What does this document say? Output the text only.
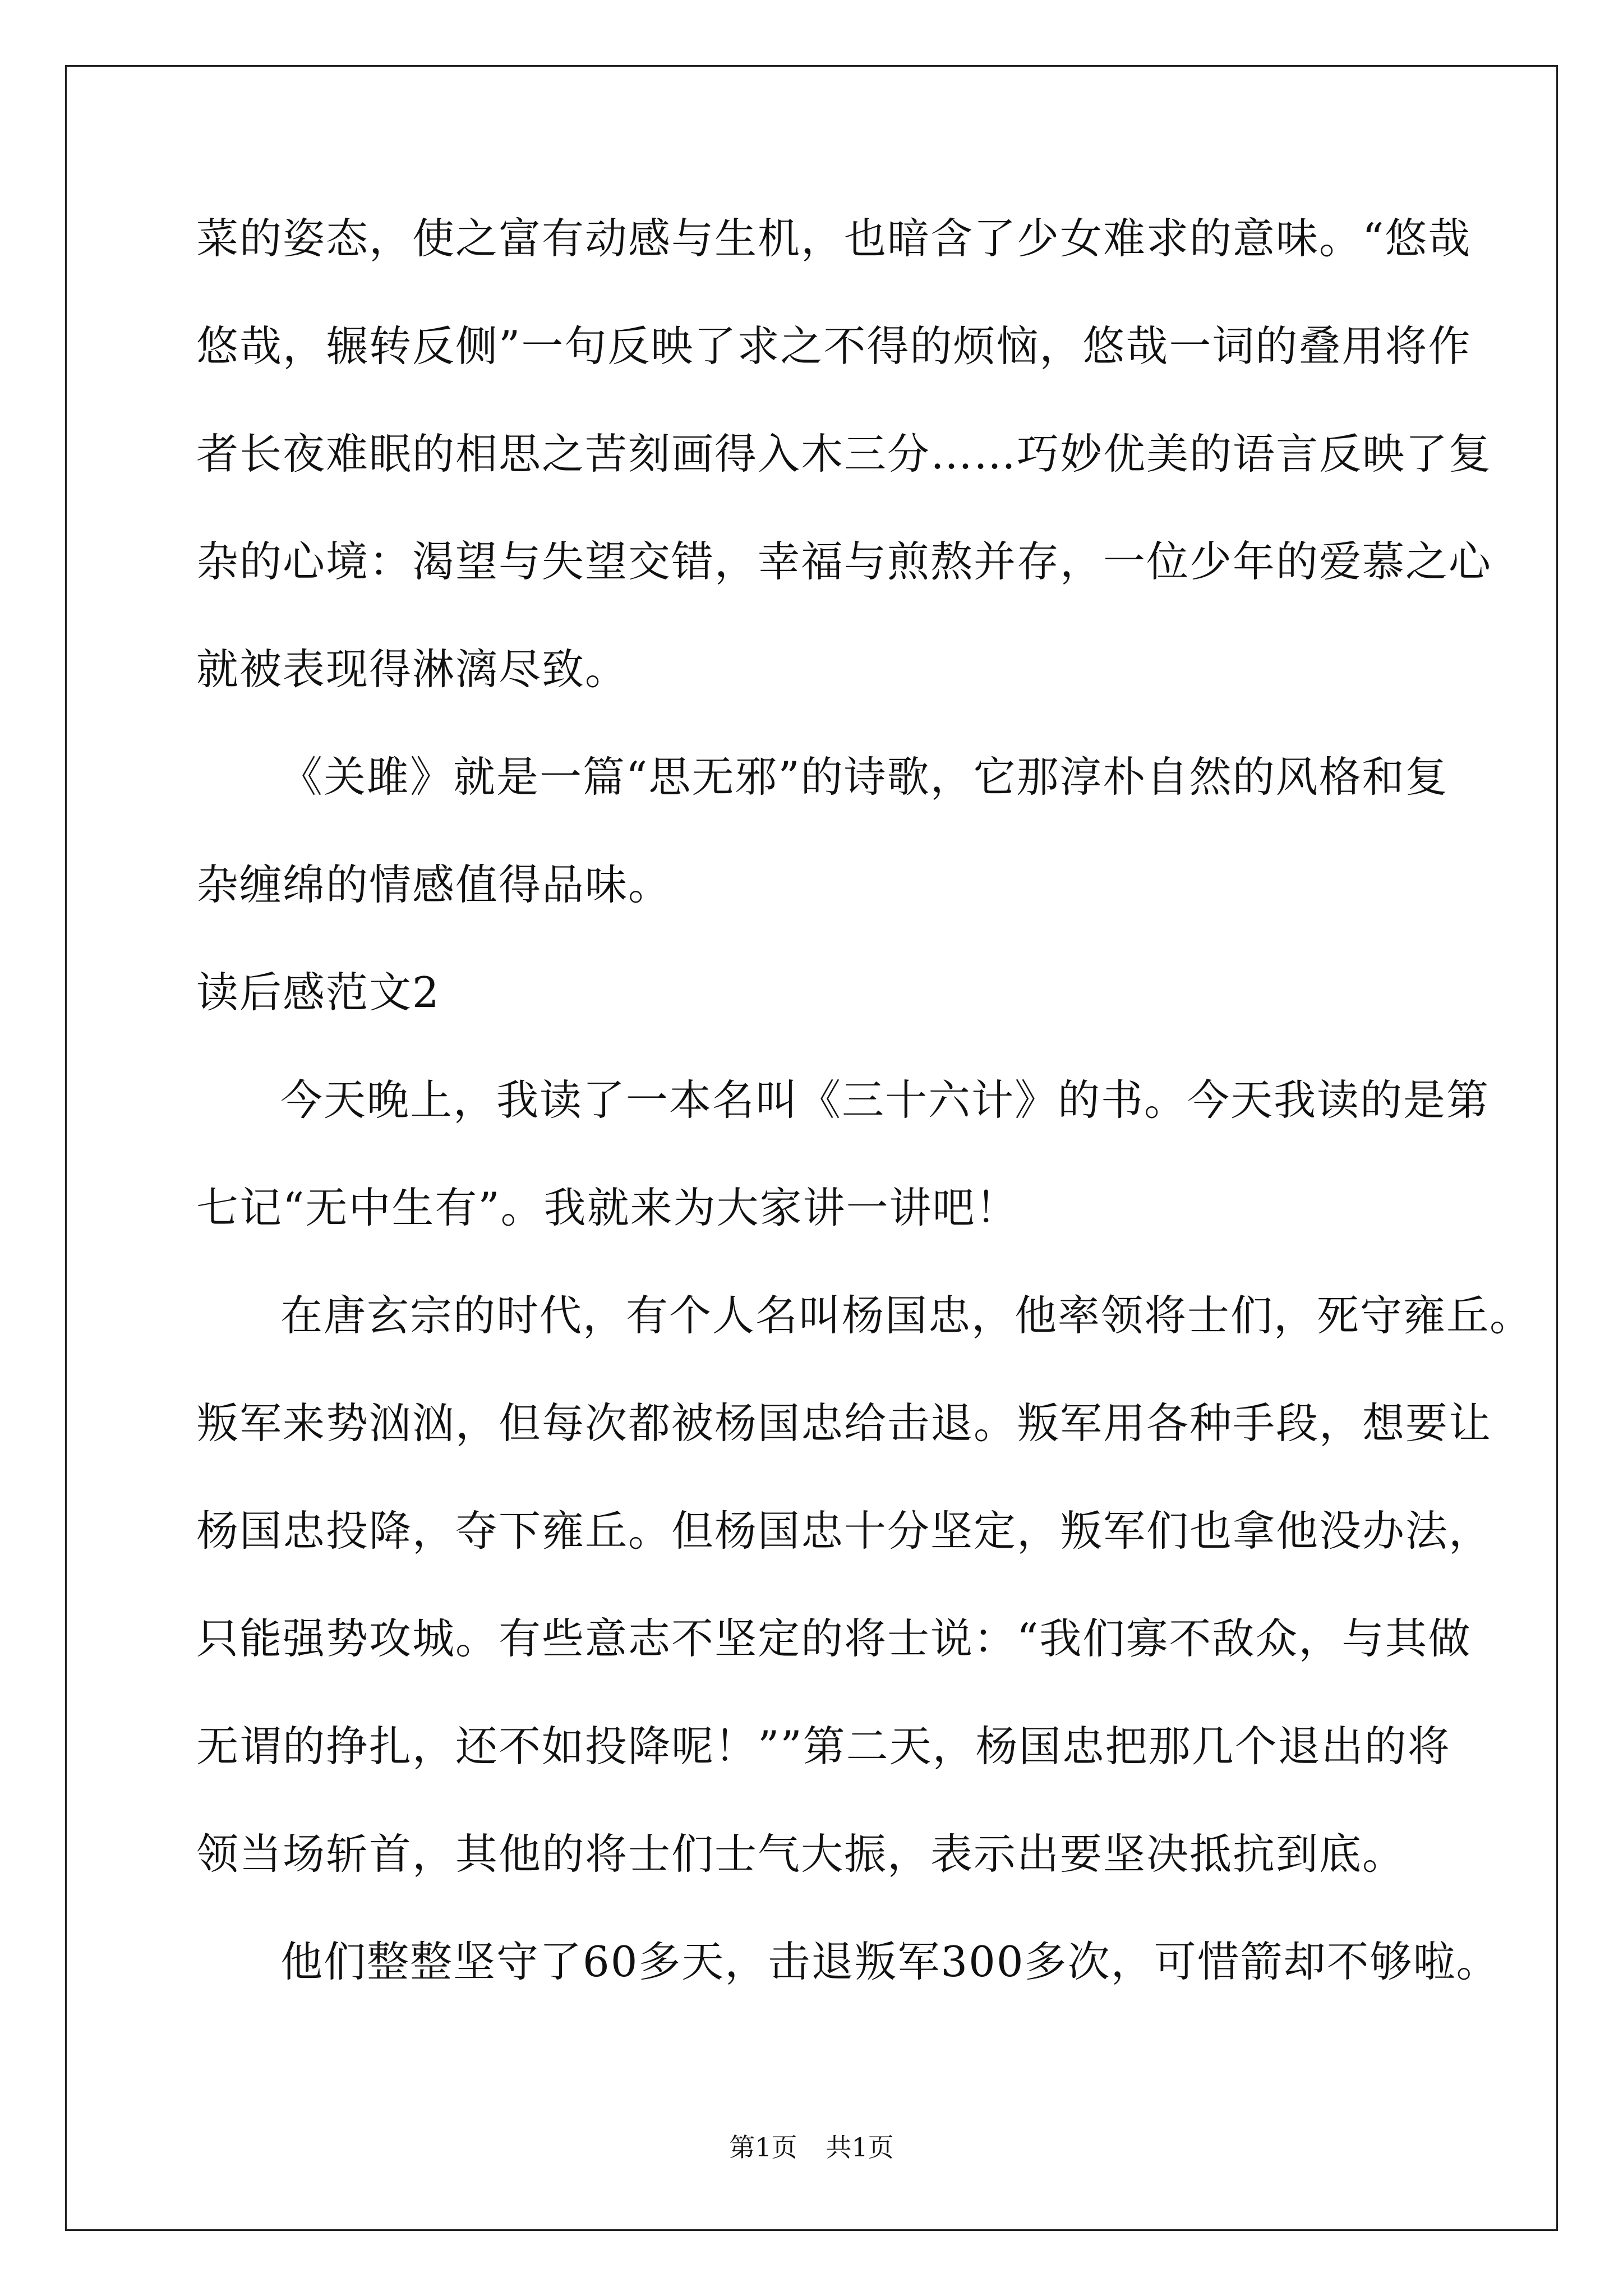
菜的姿态，使之富有动感与生机，也暗含了少女难求的意味。“悠哉
悠哉，辗转反侧”一句反映了求之不得的烦恼，悠哉一词的叠用将作
者长夜难眠的相思之苦刻画得入木三分……巧妙优美的语言反映了复
杂的心境：渴望与失望交错，幸福与煎熬并存，一位少年的爱慕之心
就被表现得淋漓尽致。
《关雎》就是一篇“思无邪”的诗歌，它那淳朴自然的风格和复
杂缠绵的情感值得品味。
读后感范文2
今天晚上，我读了一本名叫《三十六计》的书。今天我读的是第
七记“无中生有”。我就来为大家讲一讲吧！
在唐玄宗的时代，有个人名叫杨国忠，他率领将士们，死守雍丘。
叛军来势汹汹，但每次都被杨国忠给击退。叛军用各种手段，想要让
杨国忠投降，夺下雍丘。但杨国忠十分坚定，叛军们也拿他没办法，
只能强势攻城。有些意志不坚定的将士说：“我们寡不敌众，与其做
无谓的挣扎，还不如投降呢！””第二天，杨国忠把那几个退出的将
领当场斩首，其他的将士们士气大振，表示出要坚决抵抗到底。
他们整整坚守了60多天，击退叛军300多次，可惜箭却不够啦。
第1页 共1页
